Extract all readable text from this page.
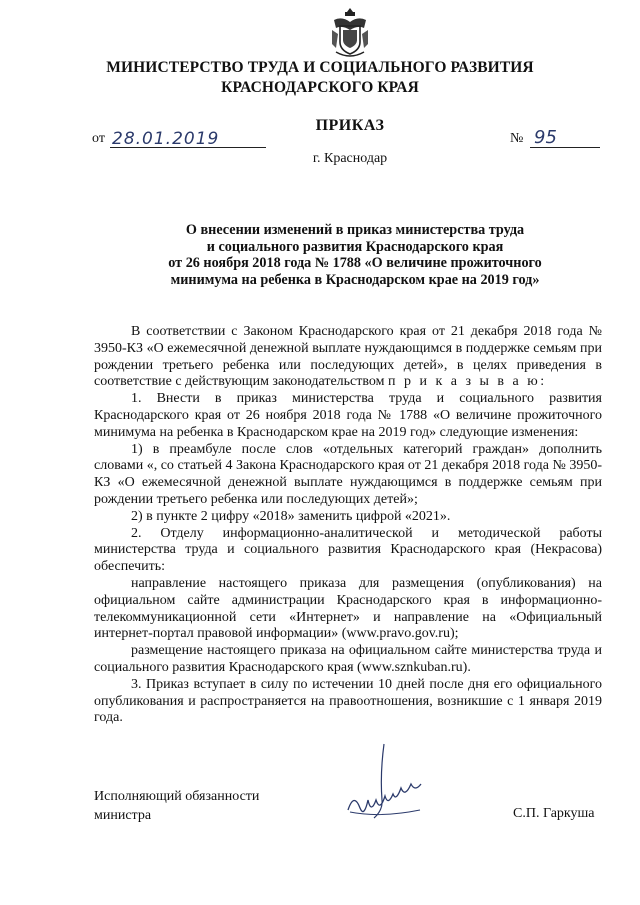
МИНИСТЕРСТВО ТРУДА И СОЦИАЛЬНОГО РАЗВИТИЯ
КРАСНОДАРСКОГО КРАЯ
ПРИКАЗ
от 28.01.2019	№ 95
г. Краснодар
О внесении изменений в приказ министерства труда
и социального развития Краснодарского края
от 26 ноября 2018 года № 1788 «О величине прожиточного
минимума на ребенка в Краснодарском крае на 2019 год»

В соответствии с Законом Краснодарского края от 21 декабря 2018 года № 3950-КЗ «О ежемесячной денежной выплате нуждающимся в поддержке семьям при рождении третьего ребенка или последующих детей», в целях приведения в соответствие с действующим законодательством п р и к а з ы в а ю:

1. Внести в приказ министерства труда и социального развития Краснодарского края от 26 ноября 2018 года № 1788 «О величине прожиточного минимума на ребенка в Краснодарском крае на 2019 год» следующие изменения:

1) в преамбуле после слов «отдельных категорий граждан» дополнить словами «, со статьей 4 Закона Краснодарского края от 21 декабря 2018 года № 3950-КЗ «О ежемесячной денежной выплате нуждающимся в поддержке семьям при рождении третьего ребенка или последующих детей»;

2) в пункте 2 цифру «2018» заменить цифрой «2021».

2. Отделу информационно-аналитической и методической работы министерства труда и социального развития Краснодарского края (Некрасова) обеспечить:

направление настоящего приказа для размещения (опубликования) на официальном сайте администрации Краснодарского края в информационно-телекоммуникационной сети «Интернет» и направление на «Официальный интернет-портал правовой информации» (www.pravo.gov.ru);

размещение настоящего приказа на официальном сайте министерства труда и социального развития Краснодарского края (www.sznkuban.ru).

3. Приказ вступает в силу по истечении 10 дней после дня его официального опубликования и распространяется на правоотношения, возникшие с 1 января 2019 года.

Исполняющий обязанности
министра	С.П. Гаркуша
